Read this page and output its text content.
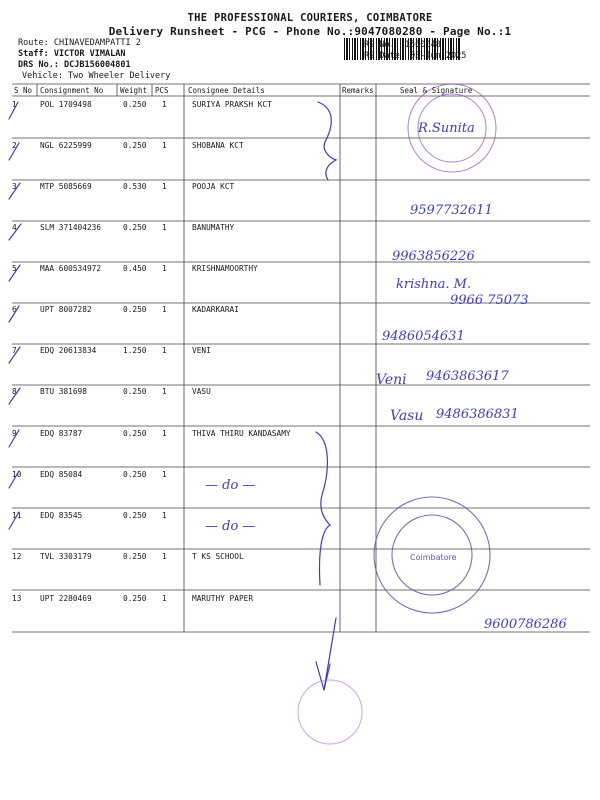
THE PROFESSIONAL COURIERS, COIMBATORE
Delivery Runsheet - PCG - Phone No.:9047080280 - Page No.:1
Route: CHINAVEDAMPATTI 2
Staff: VICTOR VIMALAN
DRS No.: DCJB156004801
Vehicle: Two Wheeler Delivery
RS No.: 1560048
RS Date: 03-Jun-2025
S No Consignment No Weight PCS	Consignee Details	Remarks	Seal & Signature
1	POL 1709498	0.250 1	SURIYA PRAKSH KCT
2	NGL 6225999	0.250 1	SHOBANA KCT
3	MTP 5085669	0.530 1	POOJA KCT
4	SLM 371404236	0.250 1	BANUMATHY
5	MAA 600534972	0.450 1	KRISHNAMOORTHY
6	UPT 8007282	0.250 1	KADARKARAI
7	EDQ 20613834	1.250 1	VENI
8	BTU 381698	0.250 1	VASU
9	EDQ 83787	0.250 1	THIVA THIRU KANDASAMY
10 EDQ 85084	0.250 1
11 EDQ 83545	0.250 1
12 TVL 3303179	0.250 1	T KS SCHOOL
13 UPT 2280469	0.250 1	MARUTHY PAPER
Coimbatore
R.Sunita
9597732611
9963856226
krishna. M.
9966 75073
9486054631
Veni 9463863617
Vasu 9486386831
— do —
— do —
9600786286
